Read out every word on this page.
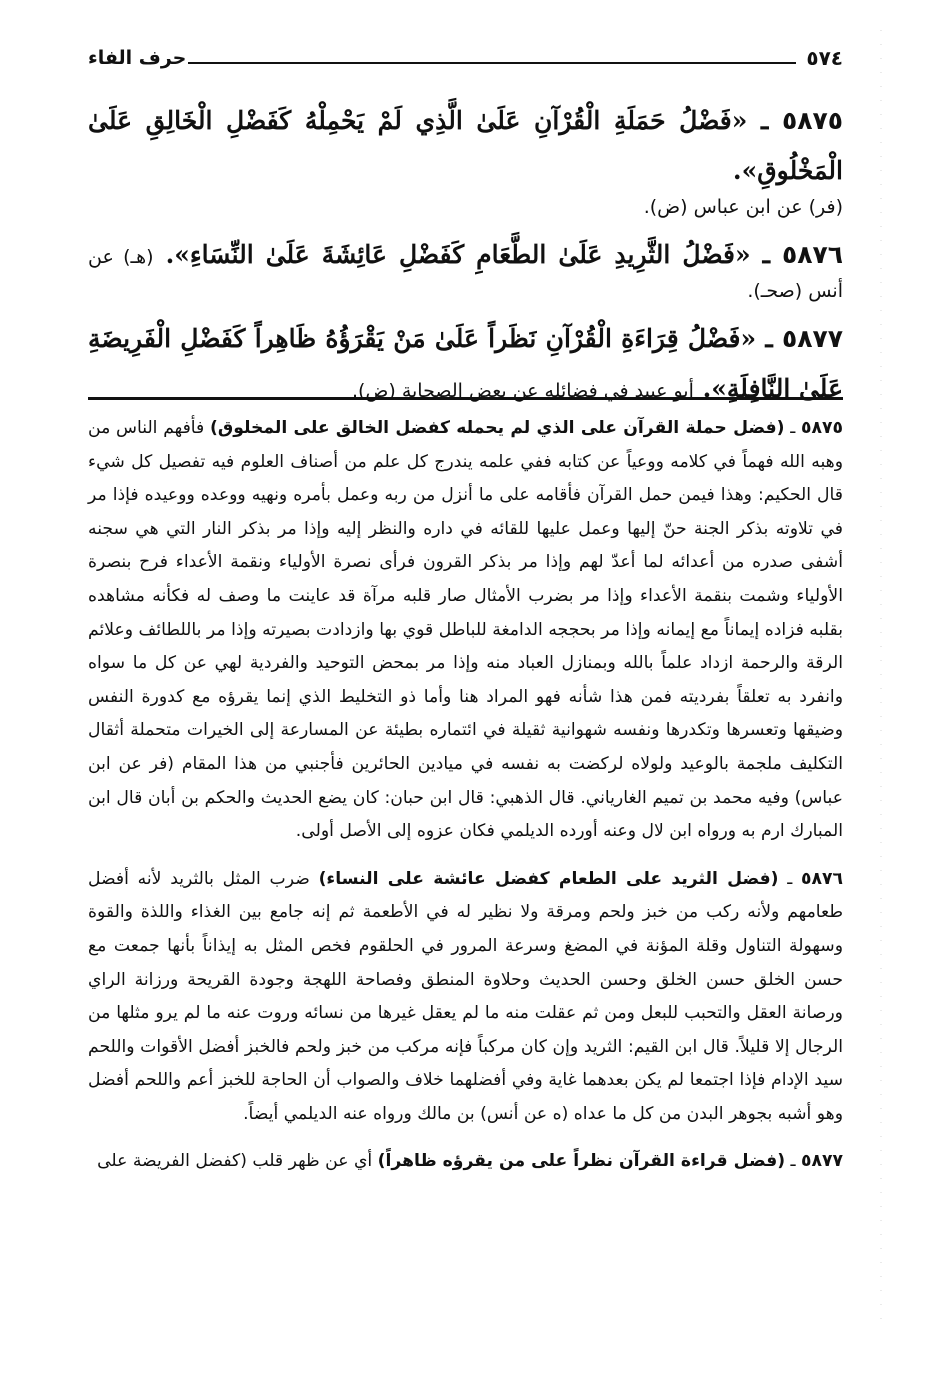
٥٧٤
حرف الفاء

٥٨٧٥ ـ «فَضْلُ حَمَلَةِ الْقُرْآنِ عَلَىٰ الَّذِي لَمْ يَحْمِلْهُ كَفَضْلِ الْخَالِقِ عَلَىٰ الْمَخْلُوقِ».
(فر) عن ابن عباس (ض).

٥٨٧٦ ـ «فَضْلُ الثَّرِيدِ عَلَىٰ الطَّعَامِ كَفَضْلِ عَائِشَةَ عَلَىٰ النِّسَاءِ». (هـ) عن أنس (صحـ).

٥٨٧٧ ـ «فَضْلُ قِرَاءَةِ الْقُرْآنِ نَظَراً عَلَىٰ مَنْ يَقْرَؤُهُ ظَاهِراً كَفَضْلِ الْفَرِيضَةِ عَلَىٰ النَّافِلَةِ». أبو عبيد في فضائله عن بعض الصحابة (ض).

٥٨٧٥ ـ (فضل حملة القرآن على الذي لم يحمله كفضل الخالق على المخلوق) فأفهم الناس من وهبه الله فهماً في كلامه ووعياً عن كتابه ففي علمه يندرج كل علم من أصناف العلوم فيه تفصيل كل شيء قال الحكيم: وهذا فيمن حمل القرآن فأقامه على ما أنزل من ربه وعمل بأمره ونهيه ووعده ووعيده فإذا مر في تلاوته بذكر الجنة حنّ إليها وعمل عليها للقائه في داره والنظر إليه وإذا مر بذكر النار التي هي سجنه أشفى صدره من أعدائه لما أعدّ لهم وإذا مر بذكر القرون فرأى نصرة الأولياء ونقمة الأعداء فرح بنصرة الأولياء وشمت بنقمة الأعداء وإذا مر بضرب الأمثال صار قلبه مرآة قد عاينت ما وصف له فكأنه مشاهده بقلبه فزاده إيماناً مع إيمانه وإذا مر بحججه الدامغة للباطل قوي بها وازدادت بصيرته وإذا مر باللطائف وعلائم الرقة والرحمة ازداد علماً بالله وبمنازل العباد منه وإذا مر بمحض التوحيد والفردية لهي عن كل ما سواه وانفرد به تعلقاً بفرديته فمن هذا شأنه فهو المراد هنا وأما ذو التخليط الذي إنما يقرؤه مع كدورة النفس وضيقها وتعسرها وتكدرها ونفسه شهوانية ثقيلة في ائتماره بطيئة عن المسارعة إلى الخيرات متحملة أثقال التكليف ملجمة بالوعيد ولولاه لركضت به نفسه في ميادين الحائرين فأجنبي من هذا المقام (فر عن ابن عباس) وفيه محمد بن تميم الغارياني. قال الذهبي: قال ابن حبان: كان يضع الحديث والحكم بن أبان قال ابن المبارك ارم به ورواه ابن لال وعنه أورده الديلمي فكان عزوه إلى الأصل أولى.

٥٨٧٦ ـ (فضل الثريد على الطعام كفضل عائشة على النساء) ضرب المثل بالثريد لأنه أفضل طعامهم ولأنه ركب من خبز ولحم ومرقة ولا نظير له في الأطعمة ثم إنه جامع بين الغذاء واللذة والقوة وسهولة التناول وقلة المؤنة في المضغ وسرعة المرور في الحلقوم فخص المثل به إيذاناً بأنها جمعت مع حسن الخلق حسن الخلق وحسن الحديث وحلاوة المنطق وفصاحة اللهجة وجودة القريحة ورزانة الراي ورصانة العقل والتحبب للبعل ومن ثم عقلت منه ما لم يعقل غيرها من نسائه وروت عنه ما لم يرو مثلها من الرجال إلا قليلاً. قال ابن القيم: الثريد وإن كان مركباً فإنه مركب من خبز ولحم فالخبز أفضل الأقوات واللحم سيد الإدام فإذا اجتمعا لم يكن بعدهما غاية وفي أفضلهما خلاف والصواب أن الحاجة للخبز أعم واللحم أفضل وهو أشبه بجوهر البدن من كل ما عداه (ه عن أنس) بن مالك ورواه عنه الديلمي أيضاً.

٥٨٧٧ ـ (فضل قراءة القرآن نظراً على من يقرؤه ظاهراً) أي عن ظهر قلب (كفضل الفريضة على
